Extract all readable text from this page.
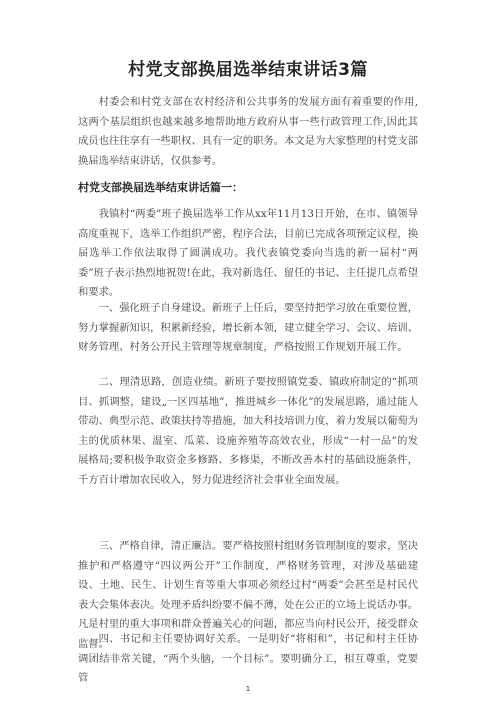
村党支部换届选举结束讲话3篇

村委会和村党支部在农村经济和公共事务的发展方面有着重要的作用,这两个基层组织也越来越多地帮助地方政府从事一些行政管理工作,因此其成员也往往享有一些职权、具有一定的职务。本文是为大家整理的村党支部换届选举结束讲话，仅供参考。

村党支部换届选举结束讲话篇一：

我镇村“两委”班子换届选举工作从xx年11月13日开始，在市、镇领导高度重视下，选举工作组织严密，程序合法，目前已完成各项预定议程，换届选举工作依法取得了圆满成功。我代表镇党委向当选的新一届村“两委”班子表示热烈地祝贺!在此，我对新选任、留任的书记、主任提几点希望和要求。

一、强化班子自身建设。新班子上任后，要坚持把学习放在重要位置，努力掌握新知识，积累新经验，增长新本领，建立健全学习、会议、培训、财务管理、村务公开民主管理等规章制度，严格按照工作规划开展工作。

二、理清思路，创造业绩。新班子要按照镇党委、镇政府制定的“抓项目、抓调整，建设„一区四基地”，推进城乡一体化”的发展思路，通过能人带动、典型示范、政策扶持等措施，加大科技培训力度，着力发展以葡萄为主的优质林果、温室、瓜菜、设施养殖等高效农业，形成“一村一品”的发展格局;要积极争取资金多修路、多修渠，不断改善本村的基础设施条件，千方百计增加农民收入，努力促进经济社会事业全面发展。

三、严格自律，清正廉洁。要严格按照村组财务管理制度的要求，坚决推护和严格遵守“四议两公开”工作制度，严格财务管理，对涉及基础建设、土地、民生、计划生育等重大事项必须经过村“两委”会甚至是村民代表大会集体表决。处理矛盾纠纷要不偏不薄，处在公正的立场上说话办事。凡是村里的重大事项和群众普遍关心的问题，都应当向村民公开，接受群众监督。

四、书记和主任要协调好关系。一是明好“将相和”，书记和村主任协调团结非常关键，“两个头脑，一个目标”。要明确分工，相互尊重，党要管

1
